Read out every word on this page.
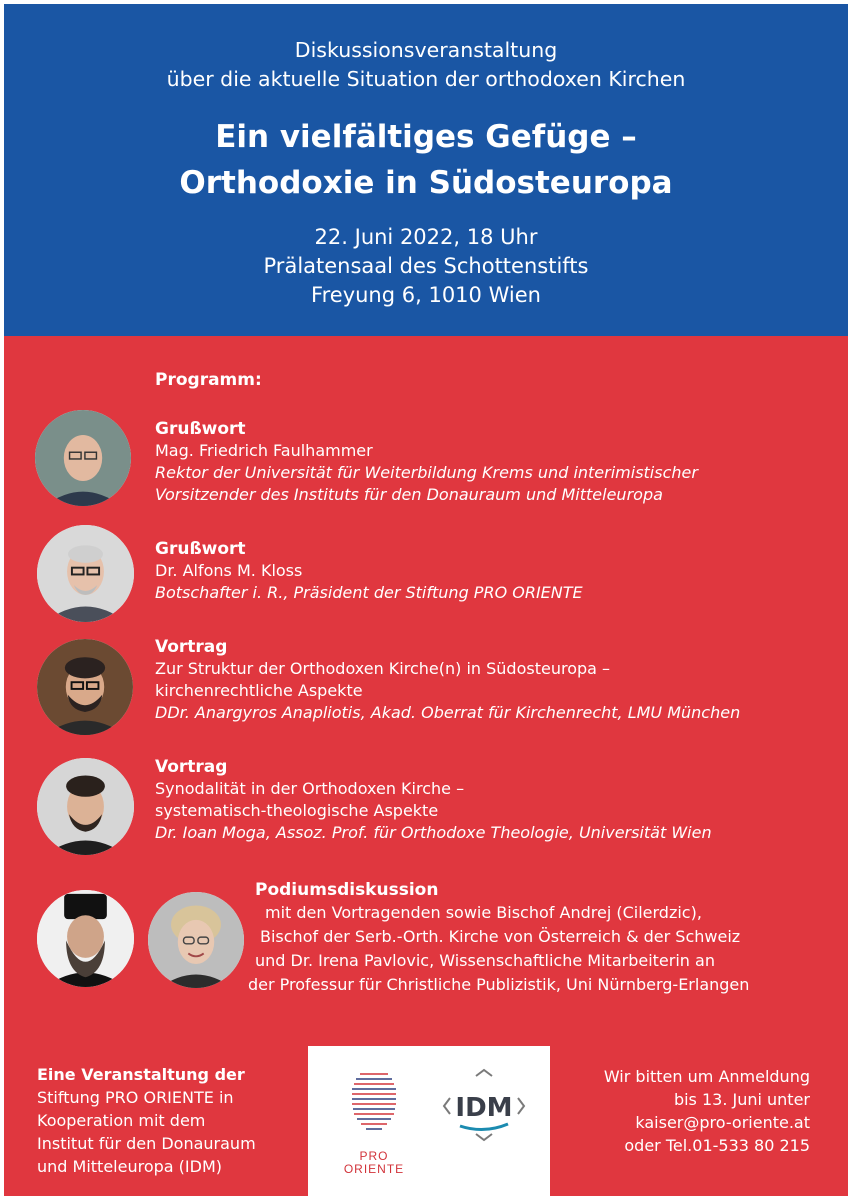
Diskussionsveranstaltung
über die aktuelle Situation der orthodoxen Kirchen
Ein vielfältiges Gefüge –
Orthodoxie in Südosteuropa
22. Juni 2022, 18 Uhr
Prälatensaal des Schottenstifts
Freyung 6, 1010 Wien
Programm:
Grußwort
Mag. Friedrich Faulhammer
Rektor der Universität für Weiterbildung Krems und interimistischer
Vorsitzender des Instituts für den Donauraum und Mitteleuropa
Grußwort
Dr. Alfons M. Kloss
Botschafter i. R., Präsident der Stiftung PRO ORIENTE
Vortrag
Zur Struktur der Orthodoxen Kirche(n) in Südosteuropa –
kirchenrechtliche Aspekte
DDr. Anargyros Anapliotis, Akad. Oberrat für Kirchenrecht, LMU München
Vortrag
Synodalität in der Orthodoxen Kirche –
systematisch-theologische Aspekte
Dr. Ioan Moga, Assoz. Prof. für Orthodoxe Theologie, Universität Wien
Podiumsdiskussion
mit den Vortragenden sowie Bischof Andrej (Cilerdzic),
Bischof der Serb.-Orth. Kirche von Österreich & der Schweiz
und Dr. Irena Pavlovic, Wissenschaftliche Mitarbeiterin an
der Professur für Christliche Publizistik, Uni Nürnberg-Erlangen
Eine Veranstaltung der
Stiftung PRO ORIENTE in
Kooperation mit dem
Institut für den Donauraum
und Mitteleuropa (IDM)
PRO
ORIENTE
IDM
Wir bitten um Anmeldung
bis 13. Juni unter
kaiser@pro-oriente.at
oder Tel.01-533 80 215
